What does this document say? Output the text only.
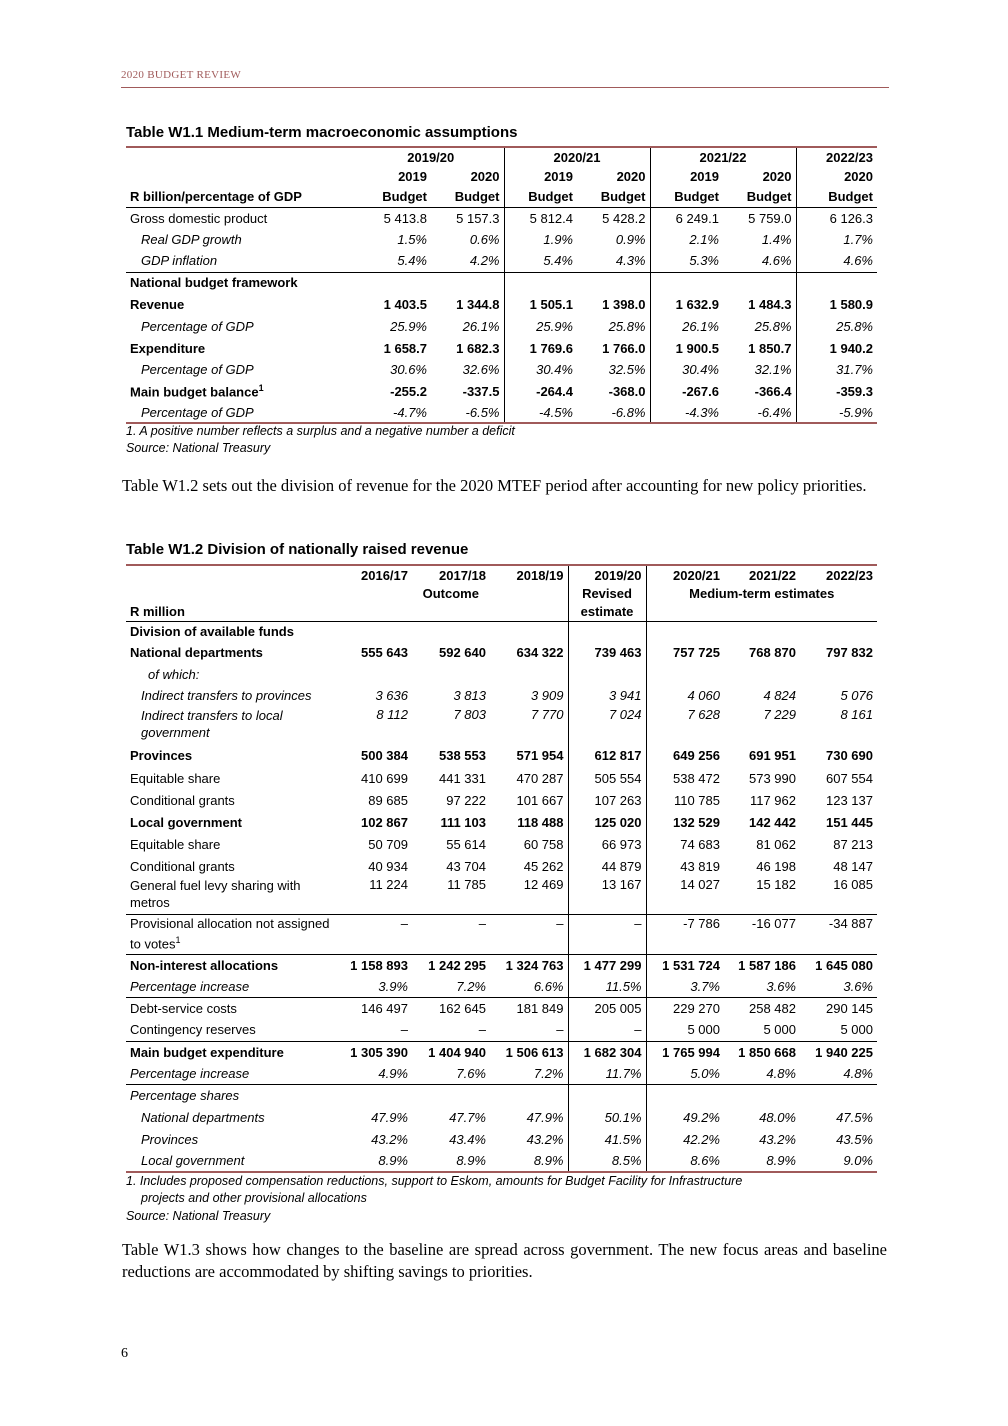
2020 BUDGET REVIEW
Table W1.1 Medium-term macroeconomic assumptions
	2019/20		2020/21		2021/22		2022/23
	2019	2020	2019	2020	2019	2020	2020
R billion/percentage of GDP	Budget	Budget	Budget	Budget	Budget	Budget	Budget
Gross domestic product	5 413.8	5 157.3	5 812.4	5 428.2	6 249.1	5 759.0	6 126.3
Real GDP growth	1.5%	0.6%	1.9%	0.9%	2.1%	1.4%	1.7%
GDP inflation	5.4%	4.2%	5.4%	4.3%	5.3%	4.6%	4.6%
National budget framework							
Revenue	1 403.5	1 344.8	1 505.1	1 398.0	1 632.9	1 484.3	1 580.9
Percentage of GDP	25.9%	26.1%	25.9%	25.8%	26.1%	25.8%	25.8%
Expenditure	1 658.7	1 682.3	1 769.6	1 766.0	1 900.5	1 850.7	1 940.2
Percentage of GDP	30.6%	32.6%	30.4%	32.5%	30.4%	32.1%	31.7%
Main budget balance$^1$	-255.2	-337.5	-264.4	-368.0	-267.6	-366.4	-359.3
Percentage of GDP	-4.7%	-6.5%	-4.5%	-6.8%	-4.3%	-6.4%	-5.9%
1. A positive number reflects a surplus and a negative number a deficit
Source: National Treasury
Table W1.2 sets out the division of revenue for the 2020 MTEF period after accounting for new policy priorities.
Table W1.2 Division of nationally raised revenue
	2016/17	2017/18	2018/19	2019/20	2020/21	2021/22	2022/23
	Outcome			Revised	Medium-term estimates		
R million				estimate			
Division of available funds							
National departments	555 643	592 640	634 322	739 463	757 725	768 870	797 832
of which:							
Indirect transfers to provinces	3 636	3 813	3 909	3 941	4 060	4 824	5 076
Indirect transfers to local government	8 112	7 803	7 770	7 024	7 628	7 229	8 161
Provinces	500 384	538 553	571 954	612 817	649 256	691 951	730 690
Equitable share	410 699	441 331	470 287	505 554	538 472	573 990	607 554
Conditional grants	89 685	97 222	101 667	107 263	110 785	117 962	123 137
Local government	102 867	111 103	118 488	125 020	132 529	142 442	151 445
Equitable share	50 709	55 614	60 758	66 973	74 683	81 062	87 213
Conditional grants	40 934	43 704	45 262	44 879	43 819	46 198	48 147
General fuel levy sharing with metros	11 224	11 785	12 469	13 167	14 027	15 182	16 085
Provisional allocation not assigned to votes$^1$	–	–	–	–	-7 786	-16 077	-34 887
Non-interest allocations	1 158 893	1 242 295	1 324 763	1 477 299	1 531 724	1 587 186	1 645 080
Percentage increase	3.9%	7.2%	6.6%	11.5%	3.7%	3.6%	3.6%
Debt-service costs	146 497	162 645	181 849	205 005	229 270	258 482	290 145
Contingency reserves	–	–	–	–	5 000	5 000	5 000
Main budget expenditure	1 305 390	1 404 940	1 506 613	1 682 304	1 765 994	1 850 668	1 940 225
Percentage increase	4.9%	7.6%	7.2%	11.7%	5.0%	4.8%	4.8%
Percentage shares							
National departments	47.9%	47.7%	47.9%	50.1%	49.2%	48.0%	47.5%
Provinces	43.2%	43.4%	43.2%	41.5%	42.2%	43.2%	43.5%
Local government	8.9%	8.9%	8.9%	8.5%	8.6%	8.9%	9.0%
1. Includes proposed compensation reductions, support to Eskom, amounts for Budget Facility for Infrastructure
projects and other provisional allocations
Source: National Treasury
Table W1.3 shows how changes to the baseline are spread across government. The new focus areas and baseline reductions are accommodated by shifting savings to priorities.
6
